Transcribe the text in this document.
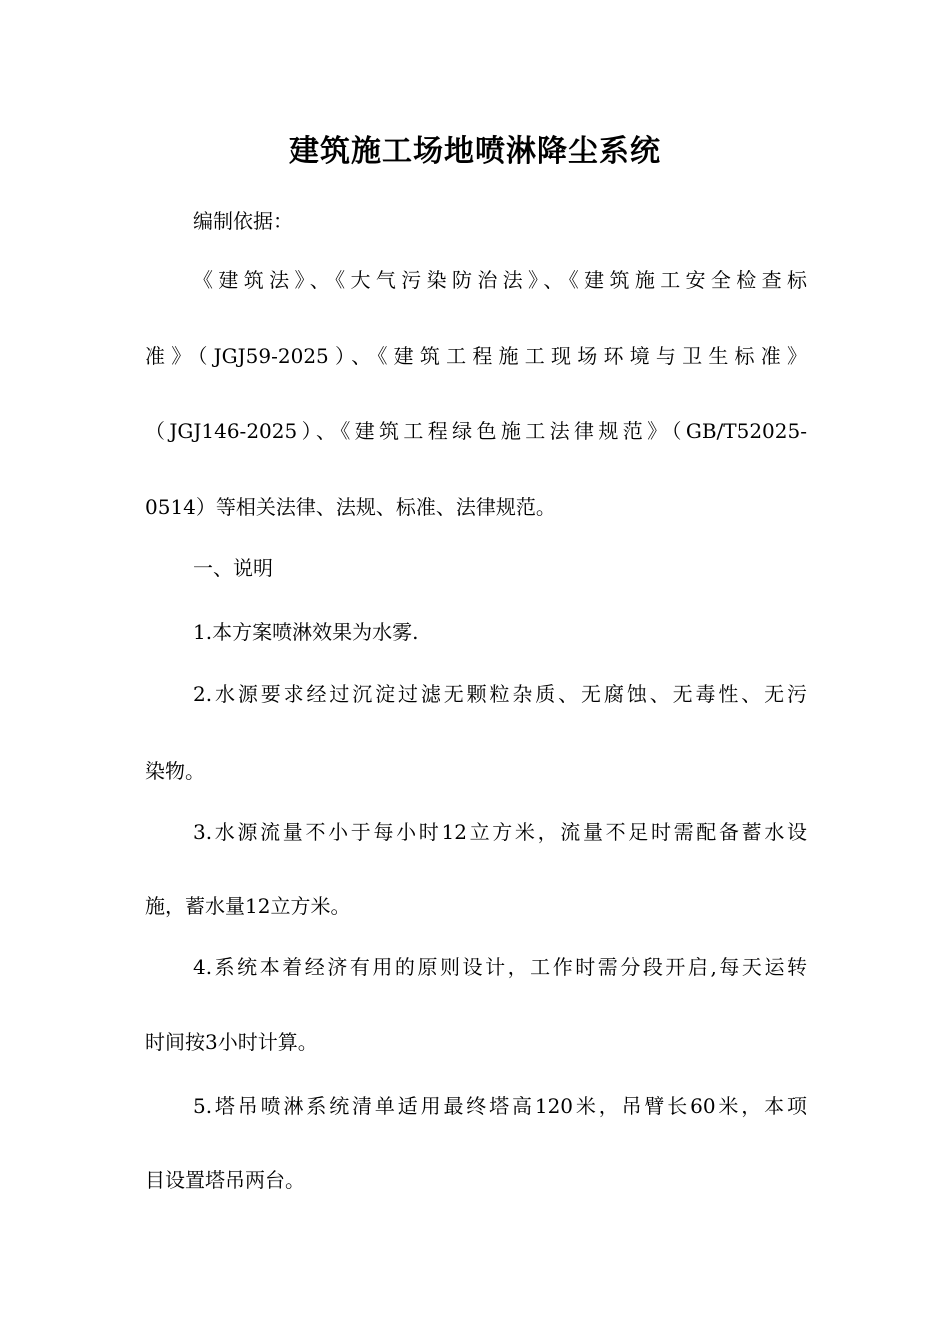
建筑施工场地喷淋降尘系统

编制依据：

《建筑法》、《大气污染防治法》、《建筑施工安全检查标

准》（JGJ59-2025）、《建筑工程施工现场环境与卫生标准》

（JGJ146-2025）、《建筑工程绿色施工法律规范》（GB/T52025-

0514）等相关法律、法规、标准、法律规范。

一、说明

1.本方案喷淋效果为水雾.

2.水源要求经过沉淀过滤无颗粒杂质、无腐蚀、无毒性、无污

染物。

3.水源流量不小于每小时12立方米，流量不足时需配备蓄水设

施，蓄水量12立方米。

4.系统本着经济有用的原则设计，工作时需分段开启,每天运转

时间按3小时计算。

5.塔吊喷淋系统清单适用最终塔高120米，吊臂长60米，本项

目设置塔吊两台。
